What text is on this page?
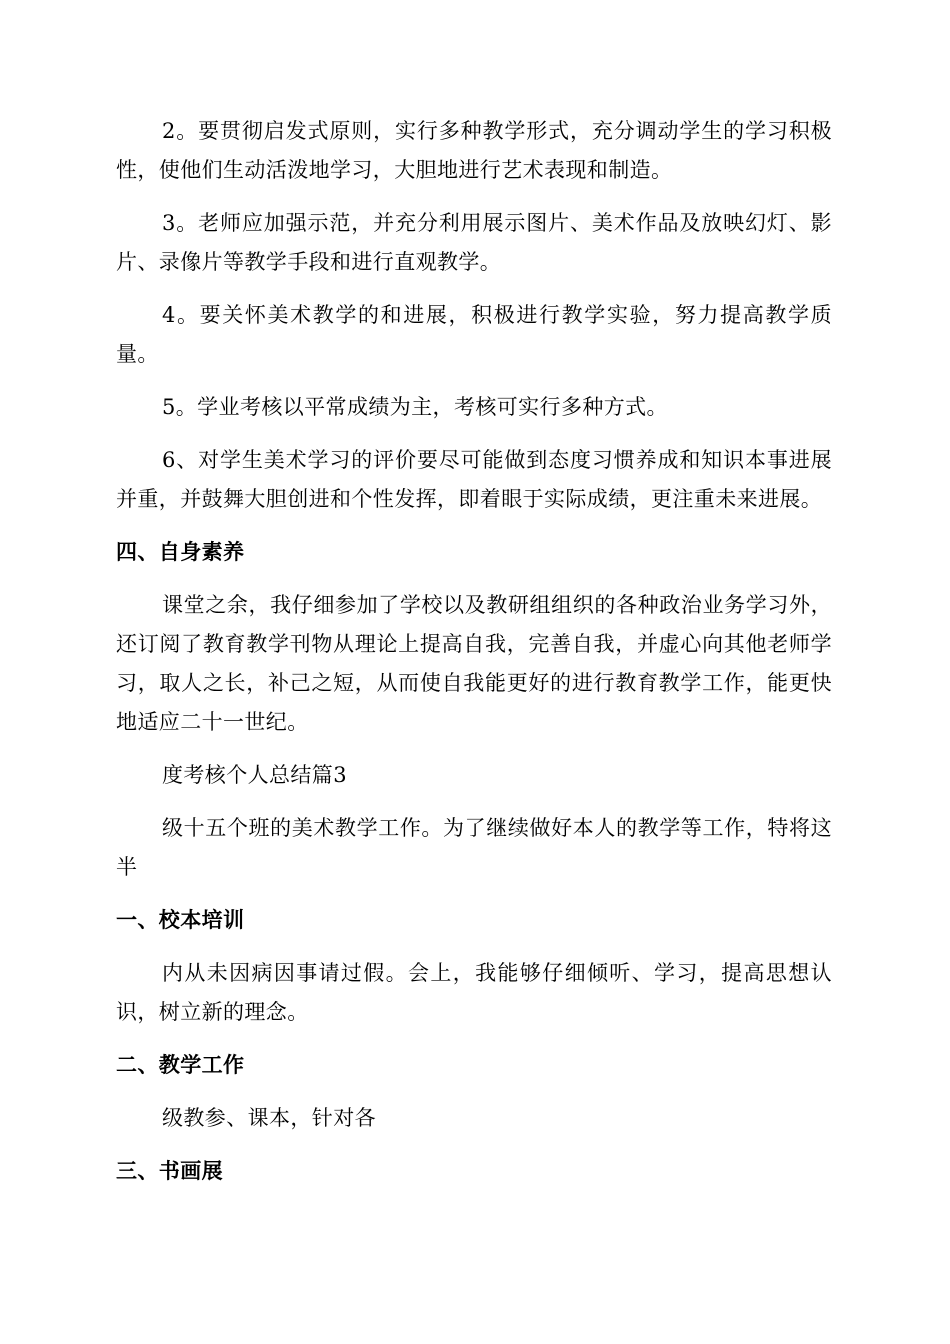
2。要贯彻启发式原则，实行多种教学形式，充分调动学生的学习积极性，使他们生动活泼地学习，大胆地进行艺术表现和制造。

3。老师应加强示范，并充分利用展示图片、美术作品及放映幻灯、影片、录像片等教学手段和进行直观教学。

4。要关怀美术教学的和进展，积极进行教学实验，努力提高教学质量。

5。学业考核以平常成绩为主，考核可实行多种方式。

6、对学生美术学习的评价要尽可能做到态度习惯养成和知识本事进展并重，并鼓舞大胆创进和个性发挥，即着眼于实际成绩，更注重未来进展。

四、自身素养

课堂之余，我仔细参加了学校以及教研组组织的各种政治业务学习外，还订阅了教育教学刊物从理论上提高自我，完善自我，并虚心向其他老师学习，取人之长，补己之短，从而使自我能更好的进行教育教学工作，能更快地适应二十一世纪。

度考核个人总结篇3

级十五个班的美术教学工作。为了继续做好本人的教学等工作，特将这半

一、校本培训

内从未因病因事请过假。会上，我能够仔细倾听、学习，提高思想认识，树立新的理念。

二、教学工作

级教参、课本，针对各

三、书画展
